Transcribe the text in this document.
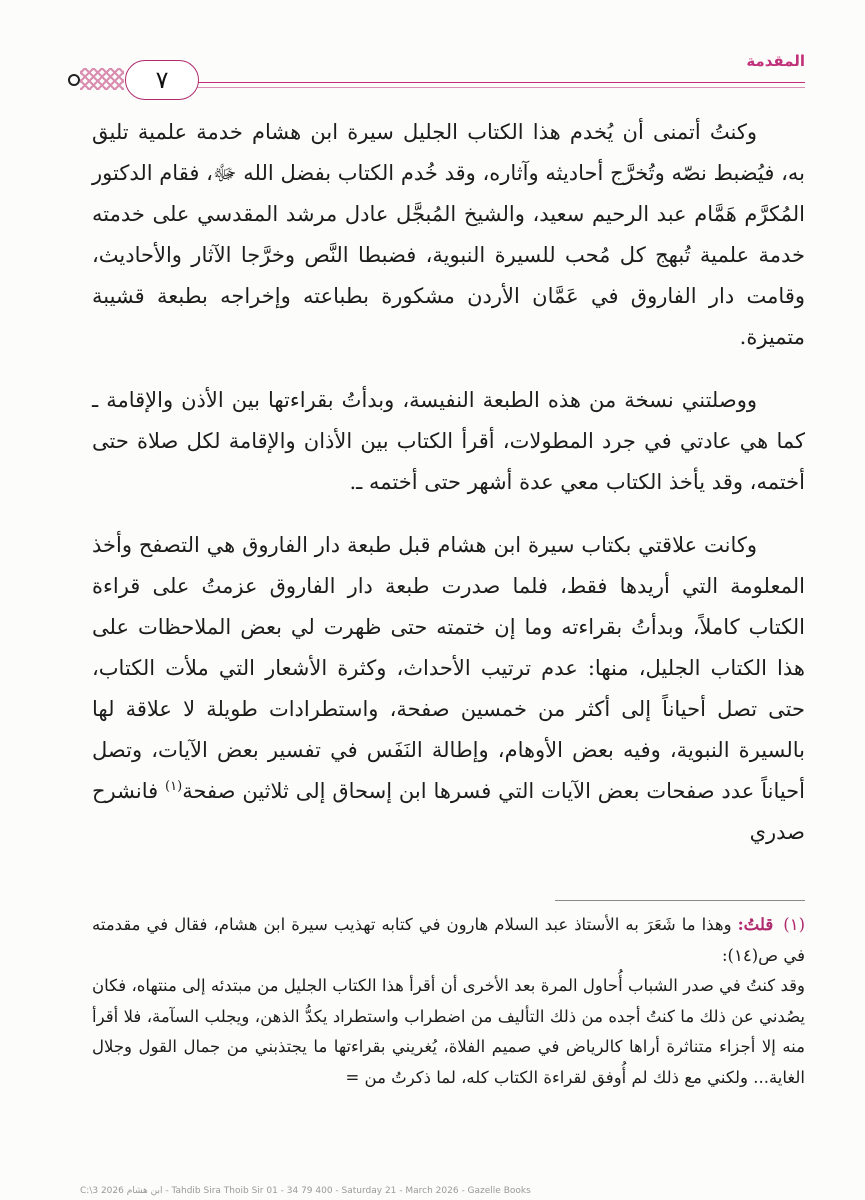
المقدمة
٧

وكنتُ أتمنى أن يُخدم هذا الكتاب الجليل سيرة ابن هشام خدمة علمية تليق به، فيُضبط نصّه وتُخرَّج أحاديثه وآثاره، وقد خُدم الكتاب بفضل الله ﷻ، فقام الدكتور المُكرَّم هَمَّام عبد الرحيم سعيد، والشيخ المُبجَّل عادل مرشد المقدسي على خدمته خدمة علمية تُبهج كل مُحب للسيرة النبوية، فضبطا النَّص وخرَّجا الآثار والأحاديث، وقامت دار الفاروق في عَمَّان الأردن مشكورة بطباعته وإخراجه بطبعة قشيبة متميزة.

ووصلتني نسخة من هذه الطبعة النفيسة، وبدأتُ بقراءتها بين الأذن والإقامة ـ كما هي عادتي في جرد المطولات، أقرأ الكتاب بين الأذان والإقامة لكل صلاة حتى أختمه، وقد يأخذ الكتاب معي عدة أشهر حتى أختمه ـ.

وكانت علاقتي بكتاب سيرة ابن هشام قبل طبعة دار الفاروق هي التصفح وأخذ المعلومة التي أريدها فقط، فلما صدرت طبعة دار الفاروق عزمتُ على قراءة الكتاب كاملاً، وبدأتُ بقراءته وما إن ختمته حتى ظهرت لي بعض الملاحظات على هذا الكتاب الجليل، منها: عدم ترتيب الأحداث، وكثرة الأشعار التي ملأت الكتاب، حتى تصل أحياناً إلى أكثر من خمسين صفحة، واستطرادات طويلة لا علاقة لها بالسيرة النبوية، وفيه بعض الأوهام، وإطالة النَفَس في تفسير بعض الآيات، وتصل أحياناً عدد صفحات بعض الآيات التي فسرها ابن إسحاق إلى ثلاثين صفحة$^{(١)}$ فانشرح صدري

(١)قلتُ: وهذا ما شَعَرَ به الأستاذ عبد السلام هارون في كتابه تهذيب سيرة ابن هشام، فقال في مقدمته في ص(١٤):

وقد كنتُ في صدر الشباب أُحاول المرة بعد الأخرى أن أقرأ هذا الكتاب الجليل من مبتدئه إلى منتهاه، فكان يصُدني عن ذلك ما كنتُ أجده من ذلك التأليف من اضطراب واستطراد يكدُّ الذهن، ويجلب السآمة، فلا أقرأ منه إلا أجزاء متناثرة أراها كالرياض في صميم الفلاة، يُغريني بقراءتها ما يجتذبني من جمال القول وجلال الغاية... ولكني مع ذلك لم أُوفق لقراءة الكتاب كله، لما ذكرتُ من =

C:\3 ابن هشام 2026 - Tahdib Sira Thoib Sir 01 - 34 79 400 - Saturday 21 - March 2026 - Gazelle Books
